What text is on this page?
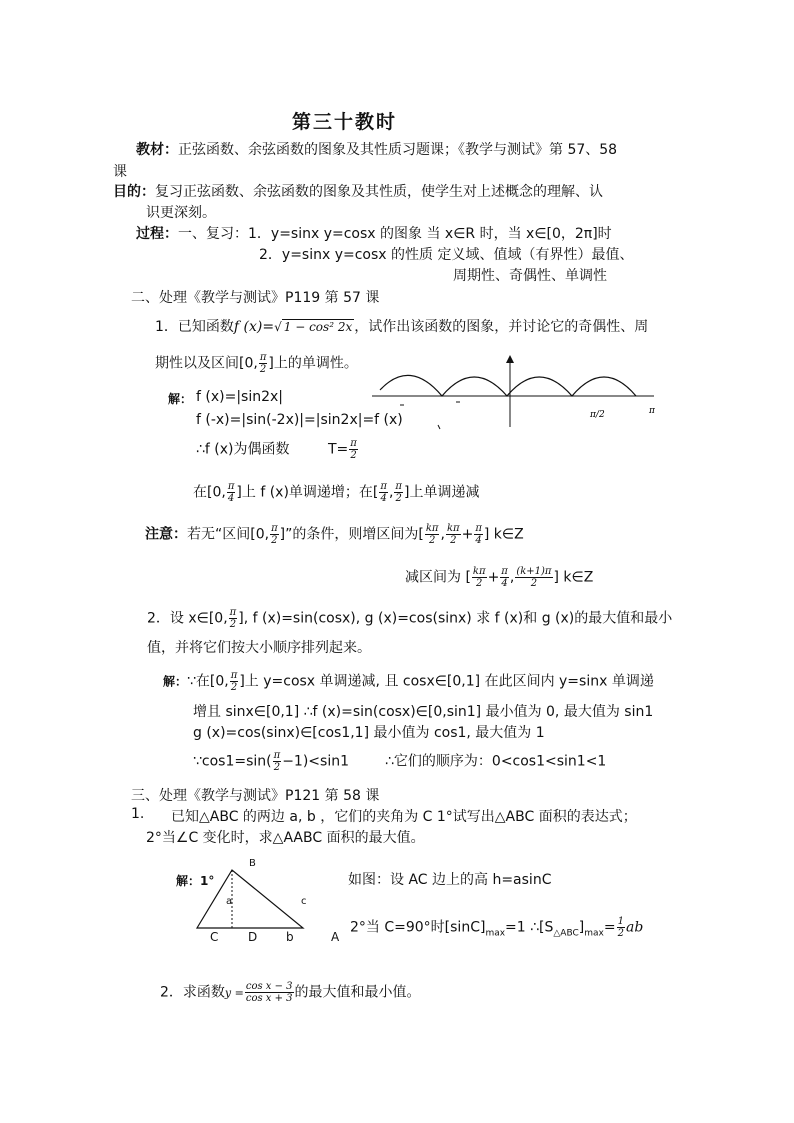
第三十教时
教材：正弦函数、余弦函数的图象及其性质习题课；《教学与测试》第 57、58
课
目的：复习正弦函数、余弦函数的图象及其性质，使学生对上述概念的理解、认
识更深刻。
过程：一、复习：1．y=sinx y=cosx 的图象 当 x∈R 时，当 x∈[0，2π]时
2．y=sinx y=cosx 的性质 定义域、值域（有界性）最值、
周期性、奇偶性、单调性
二、处理《教学与测试》P119 第 57 课
1．已知函数f (x)=√ 1 − cos² 2x ，试作出该函数的图象，并讨论它的奇偶性、周
期性以及区间[0, $\frac{\pi}{2}$ ]上的单调性。
π
π/2
解： f (x)=|sin2x|
f (-x)=|sin(-2x)|=|sin2x|=f (x)
∴f (x)为偶函数	$T= \frac{\pi}{2}$
在[0, $\frac{\pi}{4}$ ]上 f (x)单调递增；在[ $\frac{\pi}{4}$ , $\frac{\pi}{2}$ ]上单调递减
注意：若无“区间[0, $\frac{\pi}{2}$ ]”的条件，则增区间为[ $\frac{k\pi}{2}$ , $\frac{k\pi}{2} + \frac{\pi}{4}$ ] k∈Z
减区间为 [ $\frac{k\pi}{2} + \frac{\pi}{4}$ , $\frac{(k+1)\pi}{2}$ ] k∈Z
2．设 x∈[0, $\frac{\pi}{2}$ ], f (x)=sin(cosx), g (x)=cos(sinx) 求 f (x)和 g (x)的最大值和最小
值，并将它们按大小顺序排列起来。
解：∵在[0, $\frac{\pi}{2}$ ]上 y=cosx 单调递减, 且 cosx∈[0,1] 在此区间内 y=sinx 单调递
增且 sinx∈[0,1] ∴f (x)=sin(cosx)∈[0,sin1] 最小值为 0, 最大值为 sin1
g (x)=cos(sinx)∈[cos1,1] 最小值为 cos1, 最大值为 1
∵cos1=sin( $\frac{\pi}{2} -1)<\sin 1$	∴它们的顺序为：0<cos1<sin1<1
三、处理《教学与测试》P121 第 58 课
1. 已知△ABC 的两边 a, b ，它们的夹角为 C 1°试写出△ABC 面积的表达式；
2°当∠C 变化时，求△AABC 面积的最大值。
解：1°
B
a	c
C D b	A
如图：设 AC 边上的高 h=asinC
2°当 C=90°时$[\sin C]_{max}=1$ $\therefore[S_{\triangle ABC}]_{max}= \frac{1}{2}$ ab
2．求函数$y = \frac{\text{cos x − 3}}{\text{cos x + 3}}$ 的最大值和最小值。
